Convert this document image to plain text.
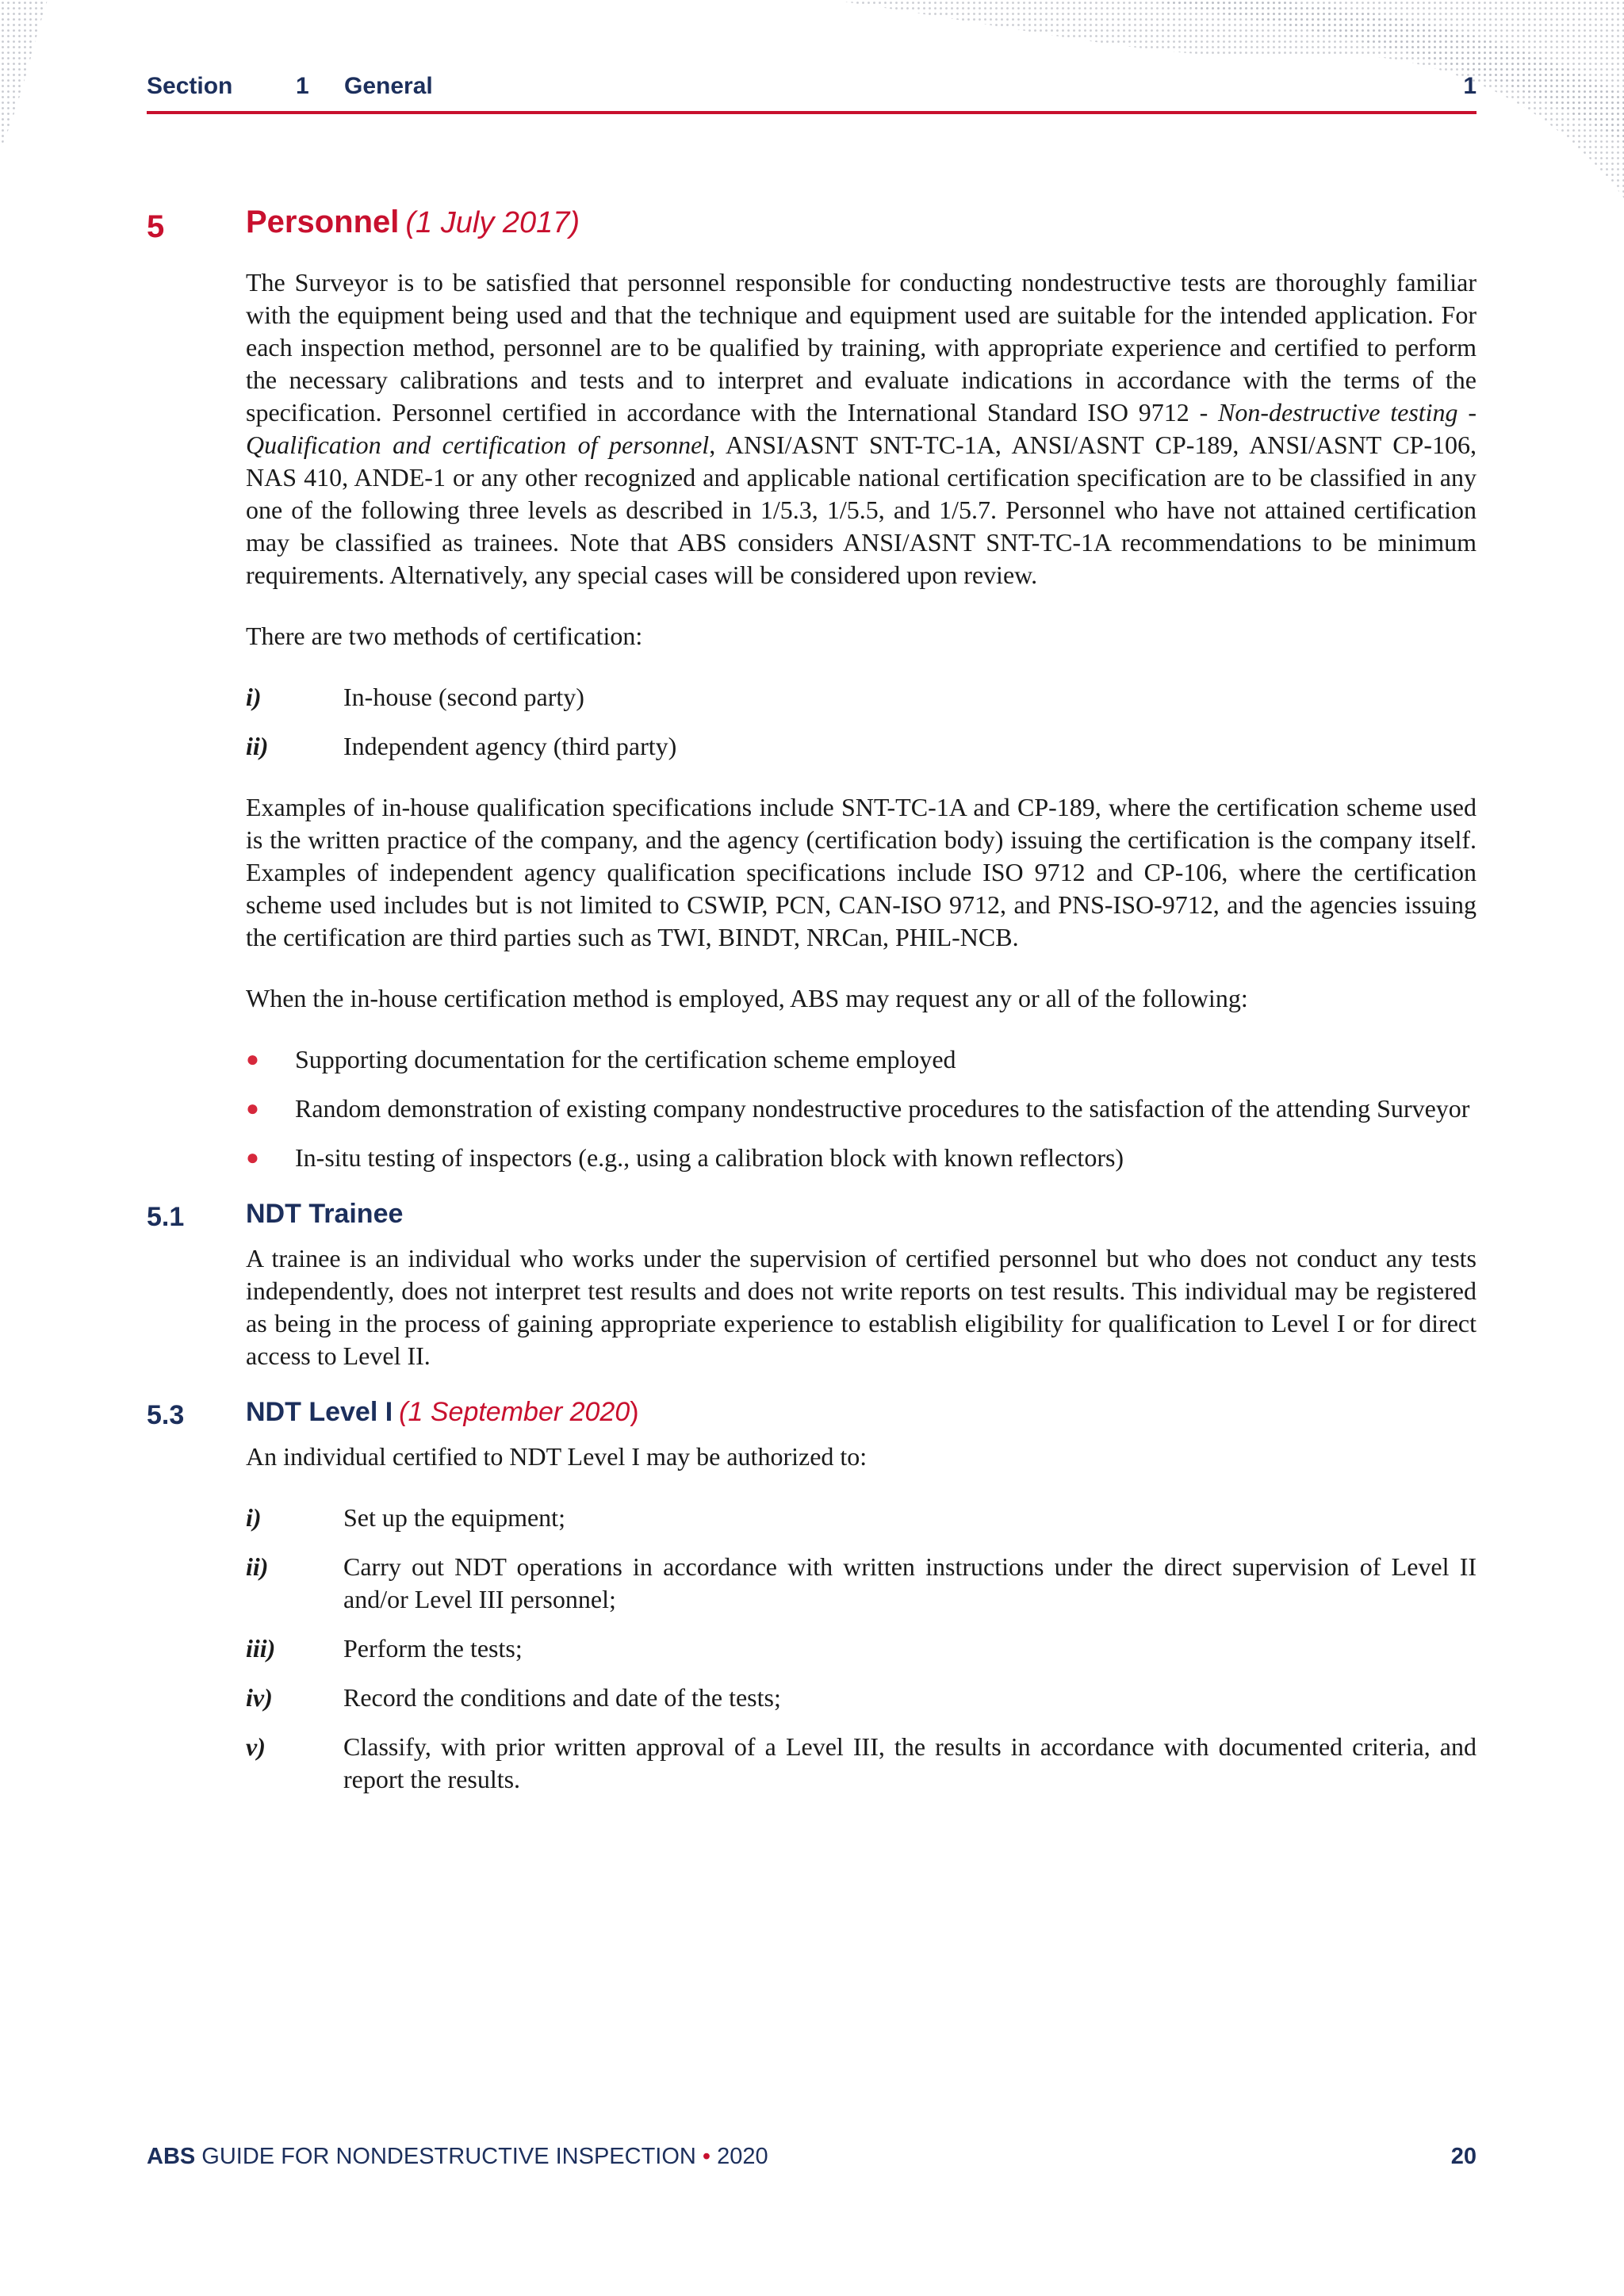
Section	1 General	1
5	Personnel (1 July 2017)

The Surveyor is to be satisfied that personnel responsible for conducting nondestructive tests are thoroughly familiar with the equipment being used and that the technique and equipment used are suitable for the intended application. For each inspection method, personnel are to be qualified by training, with appropriate experience and certified to perform the necessary calibrations and tests and to interpret and evaluate indications in accordance with the terms of the specification. Personnel certified in accordance with the International Standard ISO 9712 - Non-destructive testing - Qualification and certification of personnel, ANSI/ASNT SNT-TC-1A, ANSI/ASNT CP-189, ANSI/ASNT CP-106, NAS 410, ANDE-1 or any other recognized and applicable national certification specification are to be classified in any one of the following three levels as described in 1/5.3, 1/5.5, and 1/5.7. Personnel who have not attained certification may be classified as trainees. Note that ABS considers ANSI/ASNT SNT-TC-1A recommendations to be minimum requirements. Alternatively, any special cases will be considered upon review.

There are two methods of certification:

i)	In-house (second party)
ii)	Independent agency (third party)

Examples of in-house qualification specifications include SNT-TC-1A and CP-189, where the certification scheme used is the written practice of the company, and the agency (certification body) issuing the certification is the company itself. Examples of independent agency qualification specifications include ISO 9712 and CP-106, where the certification scheme used includes but is not limited to CSWIP, PCN, CAN-ISO 9712, and PNS-ISO-9712, and the agencies issuing the certification are third parties such as TWI, BINDT, NRCan, PHIL-NCB.

When the in-house certification method is employed, ABS may request any or all of the following:

●	Supporting documentation for the certification scheme employed
●	Random demonstration of existing company nondestructive procedures to the satisfaction of the attending Surveyor
●	In-situ testing of inspectors (e.g., using a calibration block with known reflectors)
5.1 NDT Trainee

A trainee is an individual who works under the supervision of certified personnel but who does not conduct any tests independently, does not interpret test results and does not write reports on test results. This individual may be registered as being in the process of gaining appropriate experience to establish eligibility for qualification to Level I or for direct access to Level II.

5.3 NDT Level I (1 September 2020)

An individual certified to NDT Level I may be authorized to:

i)	Set up the equipment;
ii)	Carry out NDT operations in accordance with written instructions under the direct supervision of Level II and/or Level III personnel;
iii)	Perform the tests;
iv)	Record the conditions and date of the tests;
v)	Classify, with prior written approval of a Level III, the results in accordance with documented criteria, and report the results.
ABS GUIDE FOR NONDESTRUCTIVE INSPECTION • 2020	20
